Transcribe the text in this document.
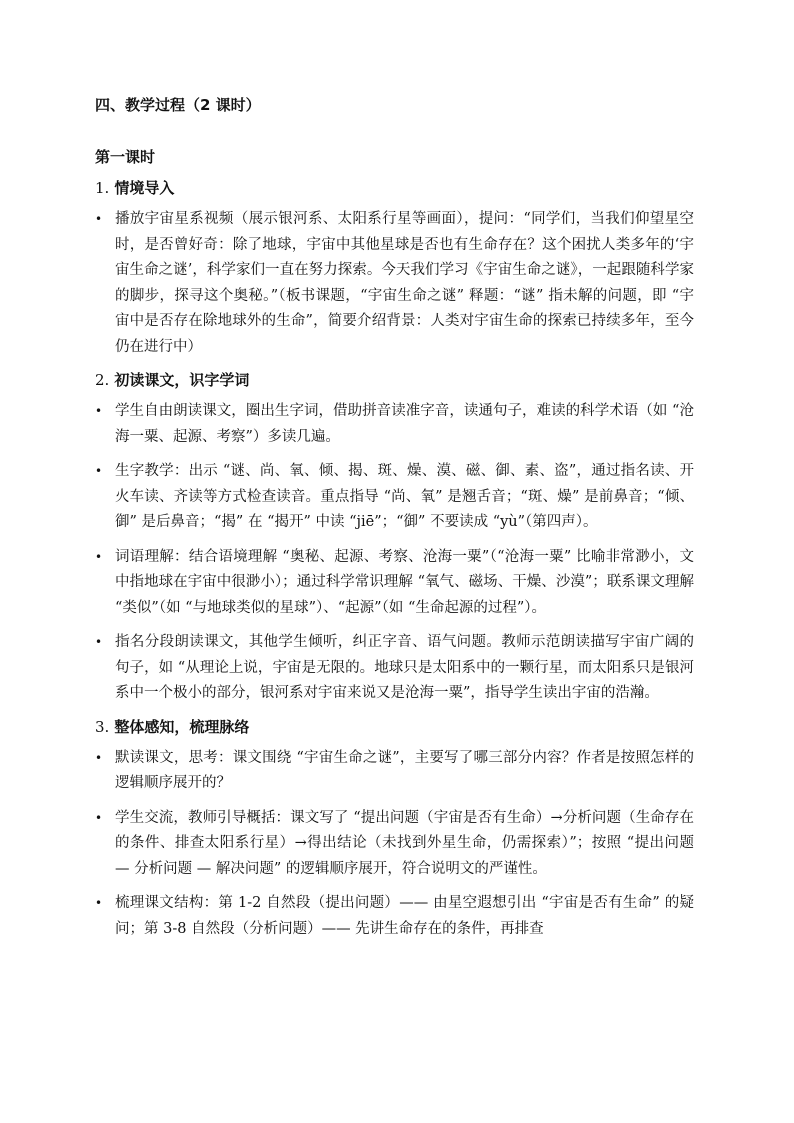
四、教学过程（2 课时）
第一课时
1. 情境导入
• 播放宇宙星系视频（展示银河系、太阳系行星等画面），提问：“同学们，当我们仰望星空时，是否曾好奇：除了地球，宇宙中其他星球是否也有生命存在？这个困扰人类多年的‘宇宙生命之谜’，科学家们一直在努力探索。今天我们学习《宇宙生命之谜》，一起跟随科学家的脚步，探寻这个奥秘。”（板书课题，“宇宙生命之谜” 释题：“谜” 指未解的问题，即 “宇宙中是否存在除地球外的生命”，简要介绍背景：人类对宇宙生命的探索已持续多年，至今仍在进行中）
2. 初读课文，识字学词
• 学生自由朗读课文，圈出生字词，借助拼音读准字音，读通句子，难读的科学术语（如 “沧海一粟、起源、考察”）多读几遍。
• 生字教学：出示 “谜、尚、氧、倾、揭、斑、燥、漠、磁、御、素、盗”，通过指名读、开火车读、齐读等方式检查读音。重点指导 “尚、氧” 是翘舌音；“斑、燥” 是前鼻音；“倾、御” 是后鼻音；“揭” 在 “揭开” 中读 “jiē”；“御” 不要读成 “yù”（第四声）。
• 词语理解：结合语境理解 “奥秘、起源、考察、沧海一粟”（“沧海一粟” 比喻非常渺小，文中指地球在宇宙中很渺小）；通过科学常识理解 “氧气、磁场、干燥、沙漠”；联系课文理解 “类似”（如 “与地球类似的星球”）、“起源”（如 “生命起源的过程”）。
• 指名分段朗读课文，其他学生倾听，纠正字音、语气问题。教师示范朗读描写宇宙广阔的句子，如 “从理论上说，宇宙是无限的。地球只是太阳系中的一颗行星，而太阳系只是银河系中一个极小的部分，银河系对宇宙来说又是沧海一粟”，指导学生读出宇宙的浩瀚。
3. 整体感知，梳理脉络
• 默读课文，思考：课文围绕 “宇宙生命之谜”，主要写了哪三部分内容？作者是按照怎样的逻辑顺序展开的？
• 学生交流，教师引导概括：课文写了 “提出问题（宇宙是否有生命）→分析问题（生命存在的条件、排查太阳系行星）→得出结论（未找到外星生命，仍需探索）”；按照 “提出问题 — 分析问题 — 解决问题” 的逻辑顺序展开，符合说明文的严谨性。
• 梳理课文结构：第 1-2 自然段（提出问题）—— 由星空遐想引出 “宇宙是否有生命” 的疑问；第 3-8 自然段（分析问题）—— 先讲生命存在的条件，再排查
